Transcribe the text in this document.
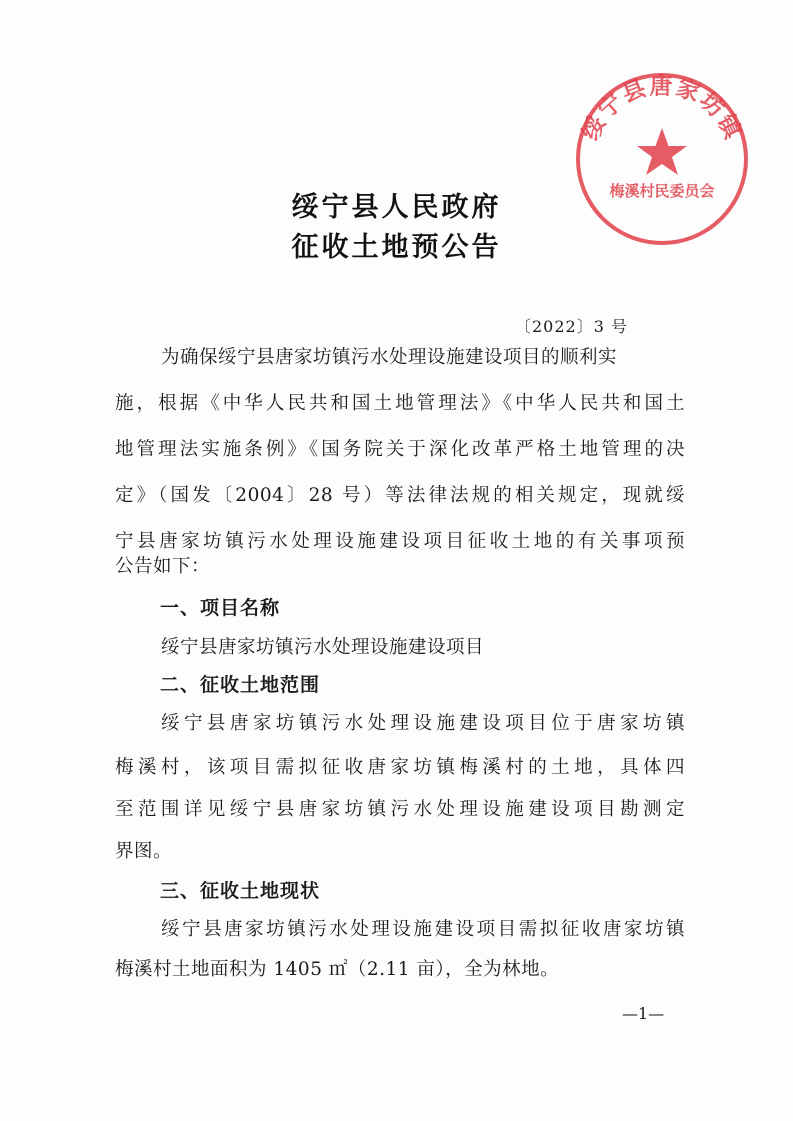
绥宁县唐家坊镇
梅溪村民委员会
绥宁县人民政府
征收土地预公告
〔2022〕3 号
为确保绥宁县唐家坊镇污水处理设施建设项目的顺利实
施，根据《中华人民共和国土地管理法》《中华人民共和国土
地管理法实施条例》《国务院关于深化改革严格土地管理的决
定》（国发〔2004〕28 号）等法律法规的相关规定，现就绥
宁县唐家坊镇污水处理设施建设项目征收土地的有关事项预
公告如下：
一、项目名称
绥宁县唐家坊镇污水处理设施建设项目
二、征收土地范围
绥宁县唐家坊镇污水处理设施建设项目位于唐家坊镇
梅溪村，该项目需拟征收唐家坊镇梅溪村的土地，具体四
至范围详见绥宁县唐家坊镇污水处理设施建设项目勘测定
界图。
三、征收土地现状
绥宁县唐家坊镇污水处理设施建设项目需拟征收唐家坊镇
梅溪村土地面积为 1405 ㎡（2.11 亩），全为林地。
—1—
